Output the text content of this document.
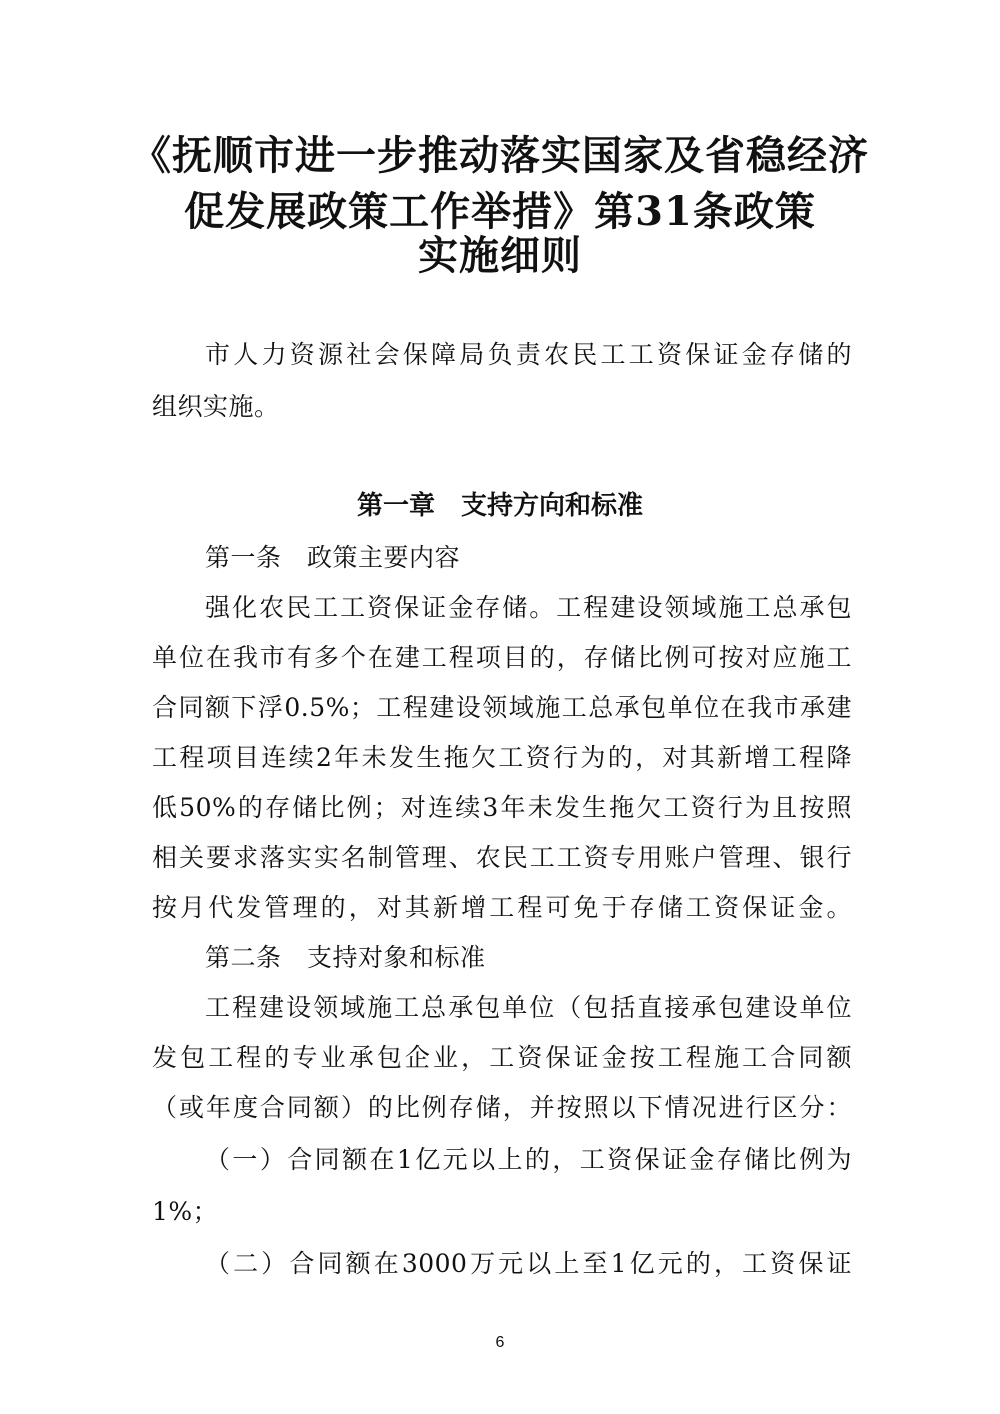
《抚顺市进一步推动落实国家及省稳经济
促发展政策工作举措》第31条政策
实施细则
市人力资源社会保障局负责农民工工资保证金存储的
组织实施。
第一章　支持方向和标准
第一条　政策主要内容
强化农民工工资保证金存储。工程建设领域施工总承包
单位在我市有多个在建工程项目的，存储比例可按对应施工
合同额下浮0.5%；工程建设领域施工总承包单位在我市承建
工程项目连续2年未发生拖欠工资行为的，对其新增工程降
低50%的存储比例；对连续3年未发生拖欠工资行为且按照
相关要求落实实名制管理、农民工工资专用账户管理、银行
按月代发管理的，对其新增工程可免于存储工资保证金。
第二条　支持对象和标准
工程建设领域施工总承包单位（包括直接承包建设单位
发包工程的专业承包企业，工资保证金按工程施工合同额
（或年度合同额）的比例存储，并按照以下情况进行区分：
（一）合同额在1亿元以上的，工资保证金存储比例为
1%；
（二）合同额在3000万元以上至1亿元的，工资保证
6
